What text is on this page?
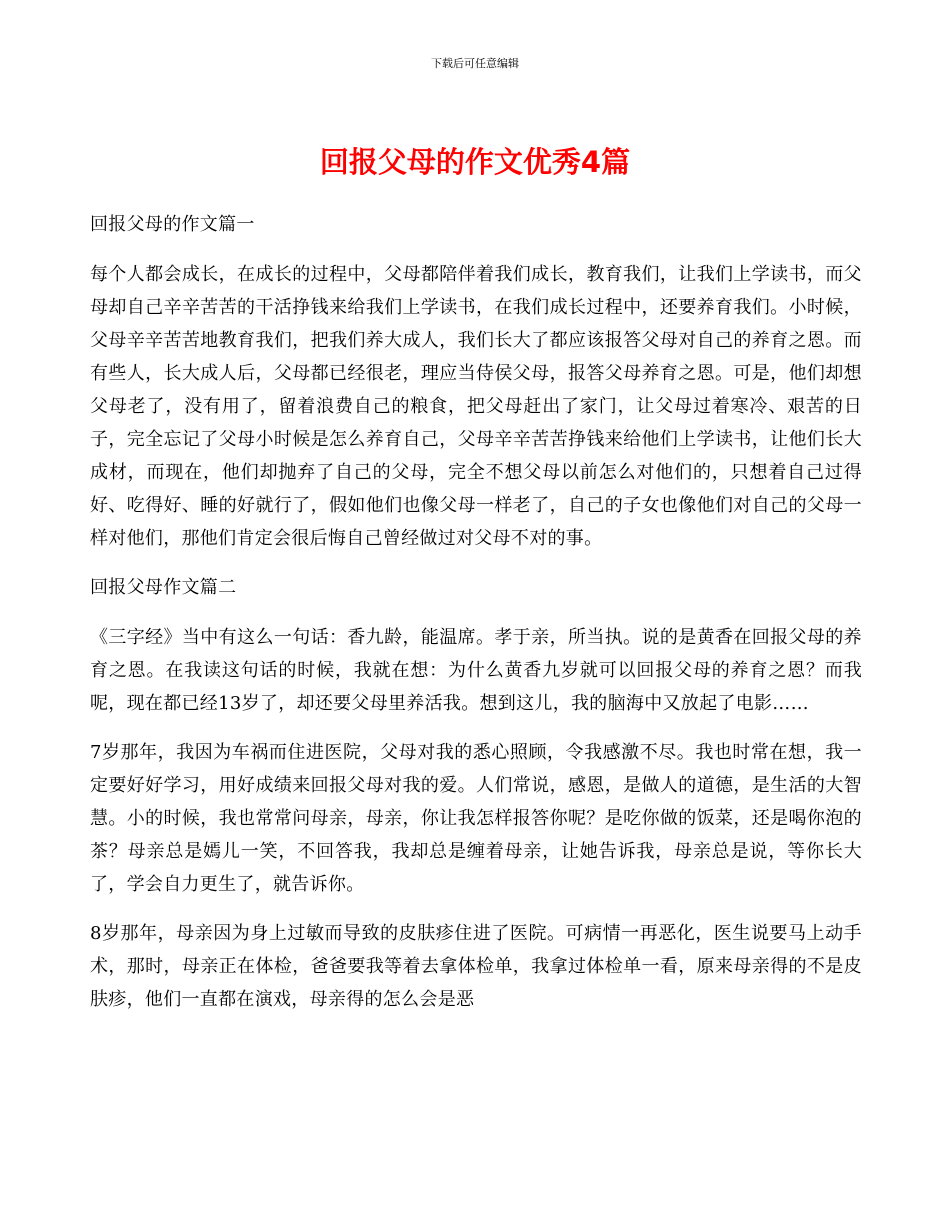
下载后可任意编辑
回报父母的作文优秀4篇

回报父母的作文篇一

每个人都会成长，在成长的过程中，父母都陪伴着我们成长，教育我们，让我们上学读书，而父母却自己辛辛苦苦的干活挣钱来给我们上学读书，在我们成长过程中，还要养育我们。小时候，父母辛辛苦苦地教育我们，把我们养大成人，我们长大了都应该报答父母对自己的养育之恩。而有些人，长大成人后，父母都已经很老，理应当侍侯父母，报答父母养育之恩。可是，他们却想父母老了，没有用了，留着浪费自己的粮食，把父母赶出了家门，让父母过着寒冷、艰苦的日子，完全忘记了父母小时候是怎么养育自己，父母辛辛苦苦挣钱来给他们上学读书，让他们长大成材，而现在，他们却抛弃了自己的父母，完全不想父母以前怎么对他们的，只想着自己过得好、吃得好、睡的好就行了，假如他们也像父母一样老了，自己的子女也像他们对自己的父母一样对他们，那他们肯定会很后悔自己曾经做过对父母不对的事。

回报父母作文篇二

《三字经》当中有这么一句话：香九龄，能温席。孝于亲，所当执。说的是黄香在回报父母的养育之恩。在我读这句话的时候，我就在想：为什么黄香九岁就可以回报父母的养育之恩？而我呢，现在都已经13岁了，却还要父母里养活我。想到这儿，我的脑海中又放起了电影……

7岁那年，我因为车祸而住进医院，父母对我的悉心照顾，令我感激不尽。我也时常在想，我一定要好好学习，用好成绩来回报父母对我的爱。人们常说，感恩，是做人的道德，是生活的大智慧。小的时候，我也常常问母亲，母亲，你让我怎样报答你呢？是吃你做的饭菜，还是喝你泡的茶？母亲总是嫣儿一笑，不回答我，我却总是缠着母亲，让她告诉我，母亲总是说，等你长大了，学会自力更生了，就告诉你。

8岁那年，母亲因为身上过敏而导致的皮肤疹住进了医院。可病情一再恶化，医生说要马上动手术，那时，母亲正在体检，爸爸要我等着去拿体检单，我拿过体检单一看，原来母亲得的不是皮肤疹，他们一直都在演戏，母亲得的怎么会是恶
